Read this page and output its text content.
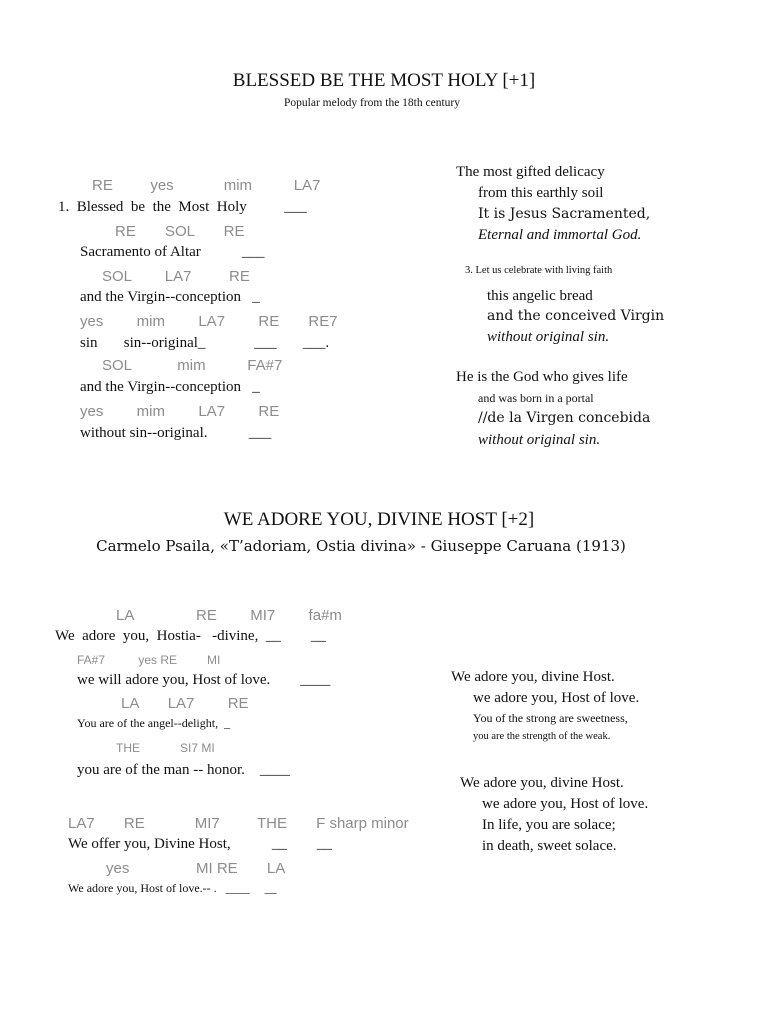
BLESSED BE THE MOST HOLY [+1]
Popular melody from the 18th century
RE         yes            mim          LA7
1.  Blessed  be  the  Most  Holy          ___
RE       SOL       RE
Sacramento of Altar           ___
SOL        LA7         RE
and the Virgin--conception   _
yes        mim        LA7        RE       RE7
sin       sin--original_             ___       ___.
SOL           mim          FA#7
and the Virgin--conception   _
yes        mim        LA7        RE
without sin--original.           ___
The most gifted delicacy
from this earthly soil
It is Jesus Sacramented,
Eternal and immortal God.
3. Let us celebrate with living faith
this angelic bread
and the conceived Virgin
without original sin.
He is the God who gives life
and was born in a portal
//de la Virgen concebida
without original sin.
WE ADORE YOU, DIVINE HOST [+2]
Carmelo Psaila, «T’adoriam, Ostia divina» - Giuseppe Caruana (1913)
LA               RE        MI7        fa#m
We  adore  you,  Hostia-   -divine,  __        __
FA#7          yes RE         MI
we will adore you, Host of love.        ____
LA       LA7        RE
You are of the angel--delight,  _
THE            SI7 MI
you are of the man -- honor.    ____
LA7       RE            MI7         THE       F sharp minor
We offer you, Divine Host,           __        __
yes                MI RE       LA
We adore you, Host of love.-- .   ____     __
We adore you, divine Host.
we adore you, Host of love.
You of the strong are sweetness,
you are the strength of the weak.
We adore you, divine Host.
we adore you, Host of love.
In life, you are solace;
in death, sweet solace.
